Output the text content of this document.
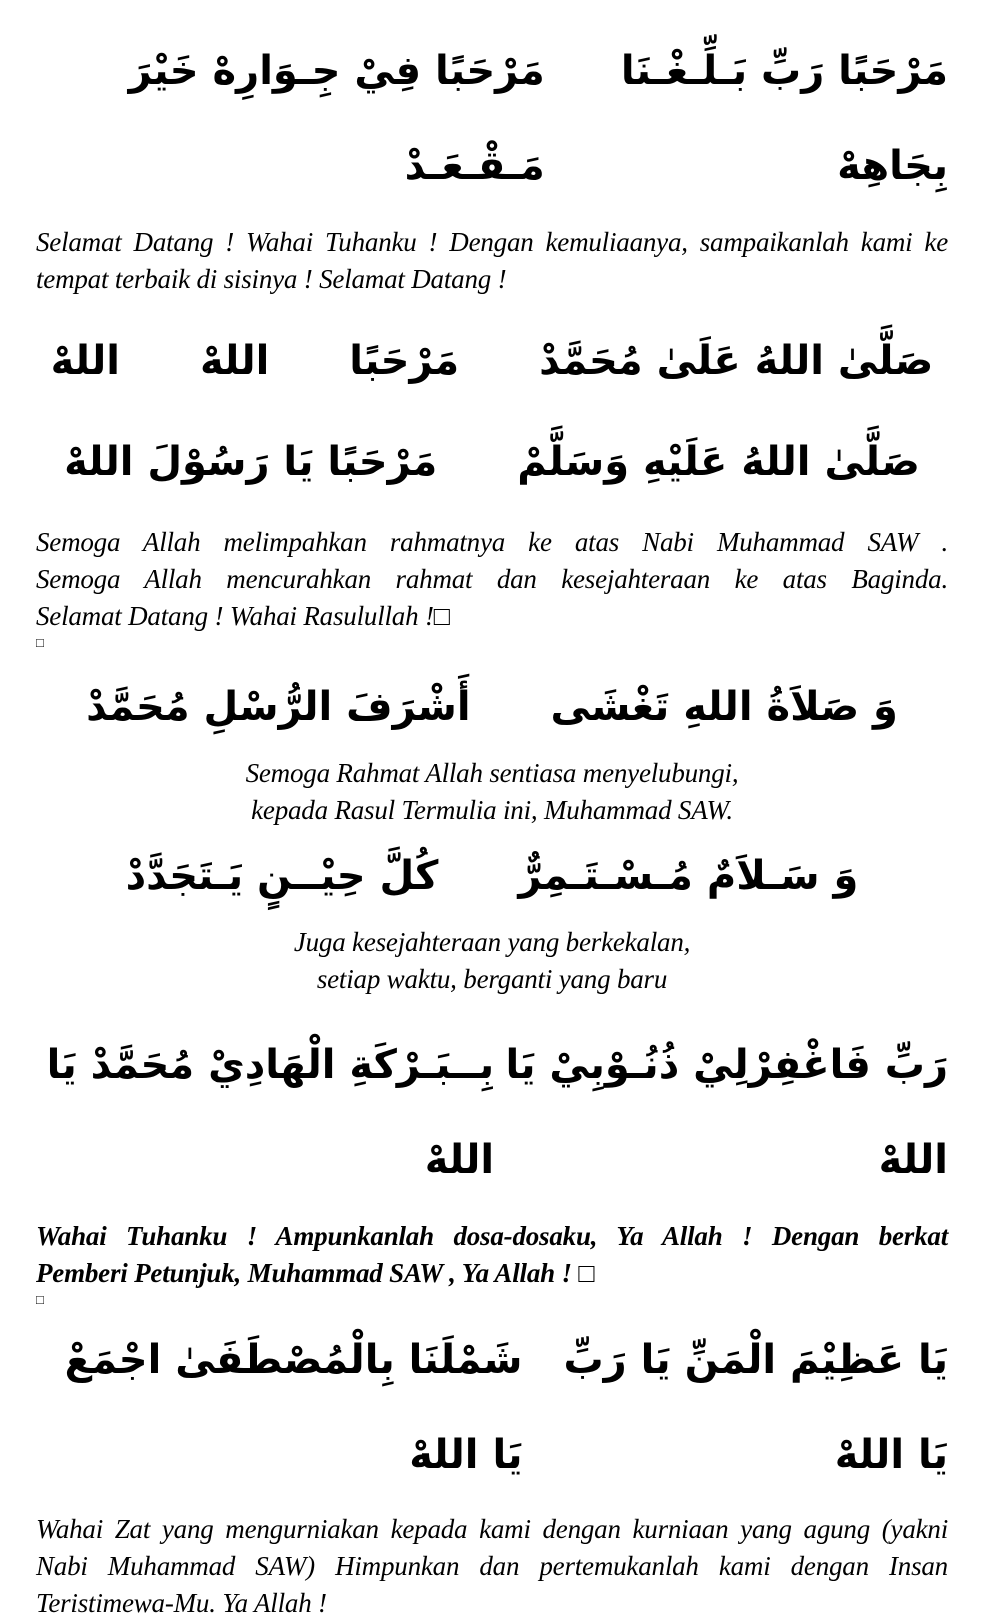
مَرْحَبًا رَبِّ بَـلِّـغْـنَا بِجَاهِهْ
مَرْحَبًا فِيْ جِـوَارِهْ خَيْرَ مَـقْـعَـدْ
Selamat Datang ! Wahai Tuhanku ! Dengan kemuliaanya, sampaikanlah kami ke
tempat terbaik di sisinya ! Selamat Datang !
صَلَّىٰ اللهُ عَلَىٰ مُحَمَّدْ  مَرْحَبًا  اللهْ  اللهْ
صَلَّىٰ اللهُ عَلَيْهِ وَسَلَّمْ  مَرْحَبًا يَا رَسُوْلَ اللهْ
Semoga Allah melimpahkan rahmatnya ke atas Nabi Muhammad SAW .
Semoga Allah mencurahkan rahmat dan kesejahteraan ke atas Baginda.
Selamat Datang ! Wahai Rasulullah !□
□
وَ صَلاَةُ اللهِ تَغْشَى  أَشْرَفَ الرُّسْلِ مُحَمَّدْ
Semoga Rahmat Allah sentiasa menyelubungi,
kepada Rasul Termulia ini, Muhammad SAW.
وَ سَـلاَمٌ مُـسْـتَـمِرٌّ  كُلَّ حِيْــنٍ يَـتَجَدَّدْ
Juga kesejahteraan yang berkekalan,
setiap waktu, berganti yang baru
رَبِّ فَاغْفِرْلِيْ ذُنُـوْبِيْ يَا اللهْ
بِــبَـرْكَةِ الْهَادِيْ مُحَمَّدْ يَا اللهْ
Wahai Tuhanku ! Ampunkanlah dosa-dosaku, Ya Allah ! Dengan berkat
Pemberi Petunjuk, Muhammad SAW , Ya Allah ! □
□
يَا عَظِيْمَ الْمَنِّ يَا رَبِّ يَا اللهْ
شَمْلَنَا بِالْمُصْطَفَىٰ اجْمَعْ يَا اللهْ
Wahai Zat yang mengurniakan kepada kami dengan kurniaan yang agung (yakni
Nabi Muhammad SAW) Himpunkan dan pertemukanlah kami dengan Insan
Teristimewa-Mu. Ya Allah !
